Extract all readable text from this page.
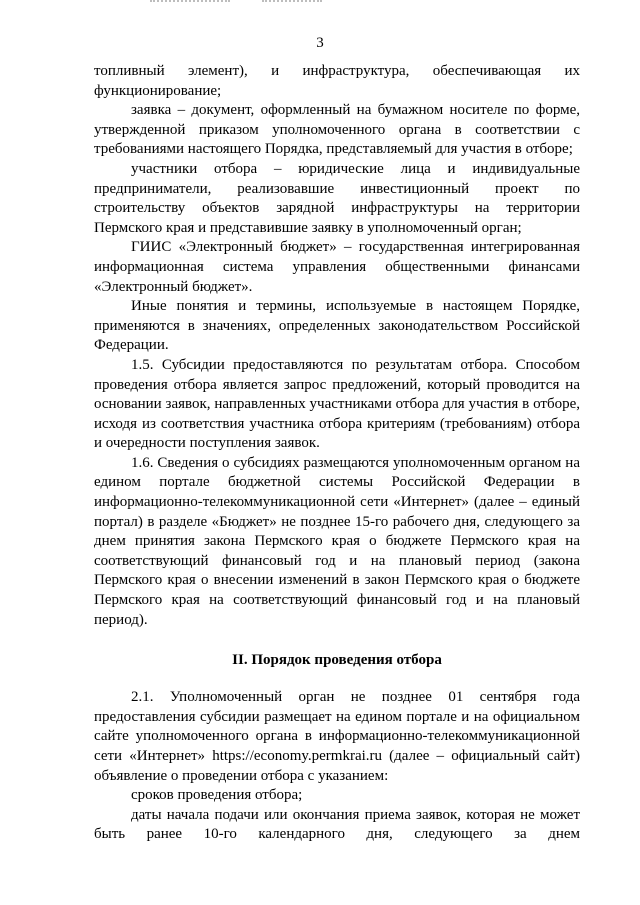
3

топливный элемент), и инфраструктура, обеспечивающая их функционирование;

заявка – документ, оформленный на бумажном носителе по форме, утвержденной приказом уполномоченного органа в соответствии с требованиями настоящего Порядка, представляемый для участия в отборе;

участники отбора – юридические лица и индивидуальные предприниматели, реализовавшие инвестиционный проект по строительству объектов зарядной инфраструктуры на территории Пермского края и представившие заявку в уполномоченный орган;

ГИИС «Электронный бюджет» – государственная интегрированная информационная система управления общественными финансами «Электронный бюджет».

Иные понятия и термины, используемые в настоящем Порядке, применяются в значениях, определенных законодательством Российской Федерации.

1.5. Субсидии предоставляются по результатам отбора. Способом проведения отбора является запрос предложений, который проводится на основании заявок, направленных участниками отбора для участия в отборе, исходя из соответствия участника отбора критериям (требованиям) отбора и очередности поступления заявок.

1.6. Сведения о субсидиях размещаются уполномоченным органом на едином портале бюджетной системы Российской Федерации в информационно-телекоммуникационной сети «Интернет» (далее – единый портал) в разделе «Бюджет» не позднее 15-го рабочего дня, следующего за днем принятия закона Пермского края о бюджете Пермского края на соответствующий финансовый год и на плановый период (закона Пермского края о внесении изменений в закон Пермского края о бюджете Пермского края на соответствующий финансовый год и на плановый период).

II. Порядок проведения отбора

2.1. Уполномоченный орган не позднее 01 сентября года предоставления субсидии размещает на едином портале и на официальном сайте уполномоченного органа в информационно-телекоммуникационной сети «Интернет» https://economy.permkrai.ru (далее – официальный сайт) объявление о проведении отбора с указанием:

сроков проведения отбора;

даты начала подачи или окончания приема заявок, которая не может быть ранее 10-го календарного дня, следующего за днем
